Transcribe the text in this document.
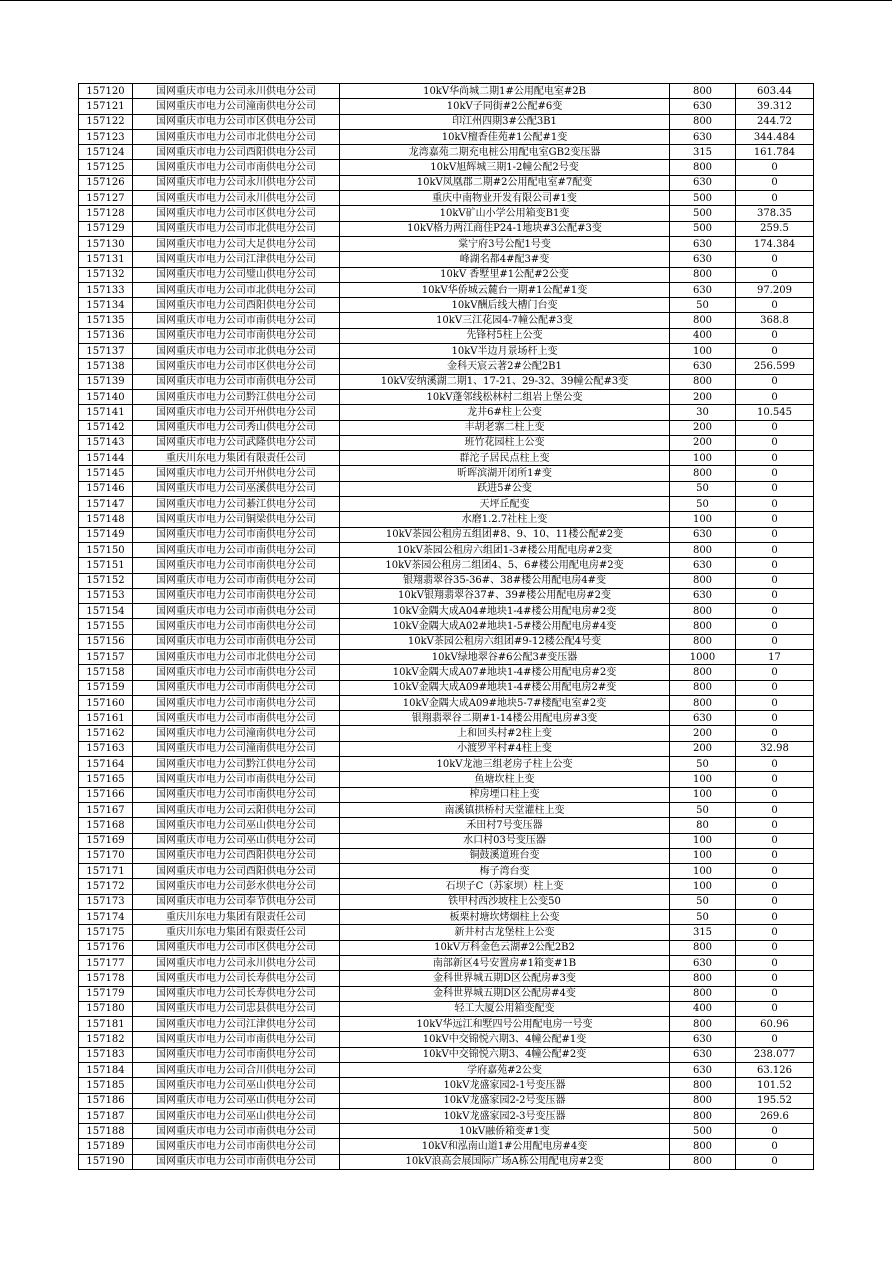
157120	国网重庆市电力公司永川供电分公司	10kV华尚城二期1#公用配电室#2B	800	603.44
157121	国网重庆市电力公司潼南供电分公司	10kV子同街#2公配#6变	630	39.312
157122	国网重庆市电力公司市区供电分公司	印江州四期3#公配3B1	800	244.72
157123	国网重庆市电力公司市北供电分公司	10kV檀香佳苑#1公配#1变	630	344.484
157124	国网重庆市电力公司酉阳供电分公司	龙湾嘉苑二期充电桩公用配电室GB2变压器	315	161.784
157125	国网重庆市电力公司市南供电分公司	10kV旭辉城三期1-2幢公配2号变	800	0
157126	国网重庆市电力公司永川供电分公司	10kV凤凰郡二期#2公用配电室#7配变	630	0
157127	国网重庆市电力公司永川供电分公司	重庆中南物业开发有限公司#1变	500	0
157128	国网重庆市电力公司市区供电分公司	10kV矿山小学公用箱变B1变	500	378.35
157129	国网重庆市电力公司市北供电分公司	10kV格力两江商住P24-1地块#3公配#3变	500	259.5
157130	国网重庆市电力公司大足供电分公司	棠宁府3号公配1号变	630	174.384
157131	国网重庆市电力公司江津供电分公司	峰湖名都4#配3#变	630	0
157132	国网重庆市电力公司璧山供电分公司	10kV 香墅里#1公配#2公变	800	0
157133	国网重庆市电力公司市北供电分公司	10kV华侨城云麓台一期#1公配#1变	630	97.209
157134	国网重庆市电力公司酉阳供电分公司	10kV酬后线大槽门台变	50	0
157135	国网重庆市电力公司市南供电分公司	10kV三江花园4-7幢公配#3变	800	368.8
157136	国网重庆市电力公司市南供电分公司	先锋村5柱上公变	400	0
157137	国网重庆市电力公司市北供电分公司	10kV半边月景场杆上变	100	0
157138	国网重庆市电力公司市区供电分公司	金科天宸云著2#公配2B1	630	256.599
157139	国网重庆市电力公司市南供电分公司	10kV安纳溪湖二期1、17-21、29-32、39幢公配#3变	800	0
157140	国网重庆市电力公司黔江供电分公司	10kV蓬邻线松林村二组岩上堡公变	200	0
157141	国网重庆市电力公司开州供电分公司	龙井6#柱上公变	30	10.545
157142	国网重庆市电力公司秀山供电分公司	丰胡老寨二柱上变	200	0
157143	国网重庆市电力公司武隆供电分公司	班竹花园柱上公变	200	0
157144	重庆川东电力集团有限责任公司	群沱子居民点柱上变	100	0
157145	国网重庆市电力公司开州供电分公司	昕晖滨湖开闭所1#变	800	0
157146	国网重庆市电力公司巫溪供电分公司	跃进5#公变	50	0
157147	国网重庆市电力公司綦江供电分公司	天坪丘配变	50	0
157148	国网重庆市电力公司铜梁供电分公司	水磨1.2.7社柱上变	100	0
157149	国网重庆市电力公司市南供电分公司	10kV茶园公租房五组团#8、9、10、11楼公配#2变	630	0
157150	国网重庆市电力公司市南供电分公司	10kV茶园公租房六组团1-3#楼公用配电房#2变	800	0
157151	国网重庆市电力公司市南供电分公司	10kV茶园公租房二组团4、5、6#楼公用配电房#2变	630	0
157152	国网重庆市电力公司市南供电分公司	银翔翡翠谷35-36#、38#楼公用配电房4#变	800	0
157153	国网重庆市电力公司市南供电分公司	10kV银翔翡翠谷37#、39#楼公用配电房#2变	630	0
157154	国网重庆市电力公司市南供电分公司	10kV金隅大成A04#地块1-4#楼公用配电房#2变	800	0
157155	国网重庆市电力公司市南供电分公司	10kV金隅大成A02#地块1-5#楼公用配电房#4变	800	0
157156	国网重庆市电力公司市南供电分公司	10kV茶园公租房六组团#9-12楼公配4号变	800	0
157157	国网重庆市电力公司市北供电分公司	10kV绿地翠谷#6公配3#变压器	1000	17
157158	国网重庆市电力公司市南供电分公司	10kV金隅大成A07#地块1-4#楼公用配电房#2变	800	0
157159	国网重庆市电力公司市南供电分公司	10kV金隅大成A09#地块1-4#楼公用配电房2#变	800	0
157160	国网重庆市电力公司市南供电分公司	10kV金隅大成A09#地块5-7#楼配电室#2变	800	0
157161	国网重庆市电力公司市南供电分公司	银翔翡翠谷二期#1-14楼公用配电房#3变	630	0
157162	国网重庆市电力公司潼南供电分公司	上和回头村#2柱上变	200	0
157163	国网重庆市电力公司潼南供电分公司	小渡罗平村#4柱上变	200	32.98
157164	国网重庆市电力公司黔江供电分公司	10kV龙池三组老房子柱上公变	50	0
157165	国网重庆市电力公司市南供电分公司	鱼塘坎柱上变	100	0
157166	国网重庆市电力公司市南供电分公司	榨房堙口柱上变	100	0
157167	国网重庆市电力公司云阳供电分公司	南溪镇拱桥村天堂灌柱上变	50	0
157168	国网重庆市电力公司巫山供电分公司	禾田村7号变压器	80	0
157169	国网重庆市电力公司巫山供电分公司	水口村03号变压器	100	0
157170	国网重庆市电力公司酉阳供电分公司	铜鼓溪道班台变	100	0
157171	国网重庆市电力公司酉阳供电分公司	梅子湾台变	100	0
157172	国网重庆市电力公司彭水供电分公司	石坝子C（苏家坝）柱上变	100	0
157173	国网重庆市电力公司奉节供电分公司	铁甲村西沙坡柱上公变50	50	0
157174	重庆川东电力集团有限责任公司	板栗村塘坎烤烟柱上公变	50	0
157175	重庆川东电力集团有限责任公司	新井村古龙堡柱上公变	315	0
157176	国网重庆市电力公司市区供电分公司	10kV万科金色云湖#2公配2B2	800	0
157177	国网重庆市电力公司永川供电分公司	南部新区4号安置房#1箱变#1B	630	0
157178	国网重庆市电力公司长寿供电分公司	金科世界城五期D区公配房#3变	800	0
157179	国网重庆市电力公司长寿供电分公司	金科世界城五期D区公配房#4变	800	0
157180	国网重庆市电力公司忠县供电分公司	轻工大厦公用箱变配变	400	0
157181	国网重庆市电力公司江津供电分公司	10kV华远江和墅四号公用配电房一号变	800	60.96
157182	国网重庆市电力公司市南供电分公司	10kV中交锦悦六期3、4幢公配#1变	630	0
157183	国网重庆市电力公司市南供电分公司	10kV中交锦悦六期3、4幢公配#2变	630	238.077
157184	国网重庆市电力公司合川供电分公司	学府嘉苑#2公变	630	63.126
157185	国网重庆市电力公司巫山供电分公司	10kV龙盛家园2-1号变压器	800	101.52
157186	国网重庆市电力公司巫山供电分公司	10kV龙盛家园2-2号变压器	800	195.52
157187	国网重庆市电力公司巫山供电分公司	10kV龙盛家园2-3号变压器	800	269.6
157188	国网重庆市电力公司市南供电分公司	10kV融侨箱变#1变	500	0
157189	国网重庆市电力公司市南供电分公司	10kV和泓南山道1#公用配电房#4变	800	0
157190	国网重庆市电力公司市南供电分公司	10kV浪高会展国际广场A栋公用配电房#2变	800	0
